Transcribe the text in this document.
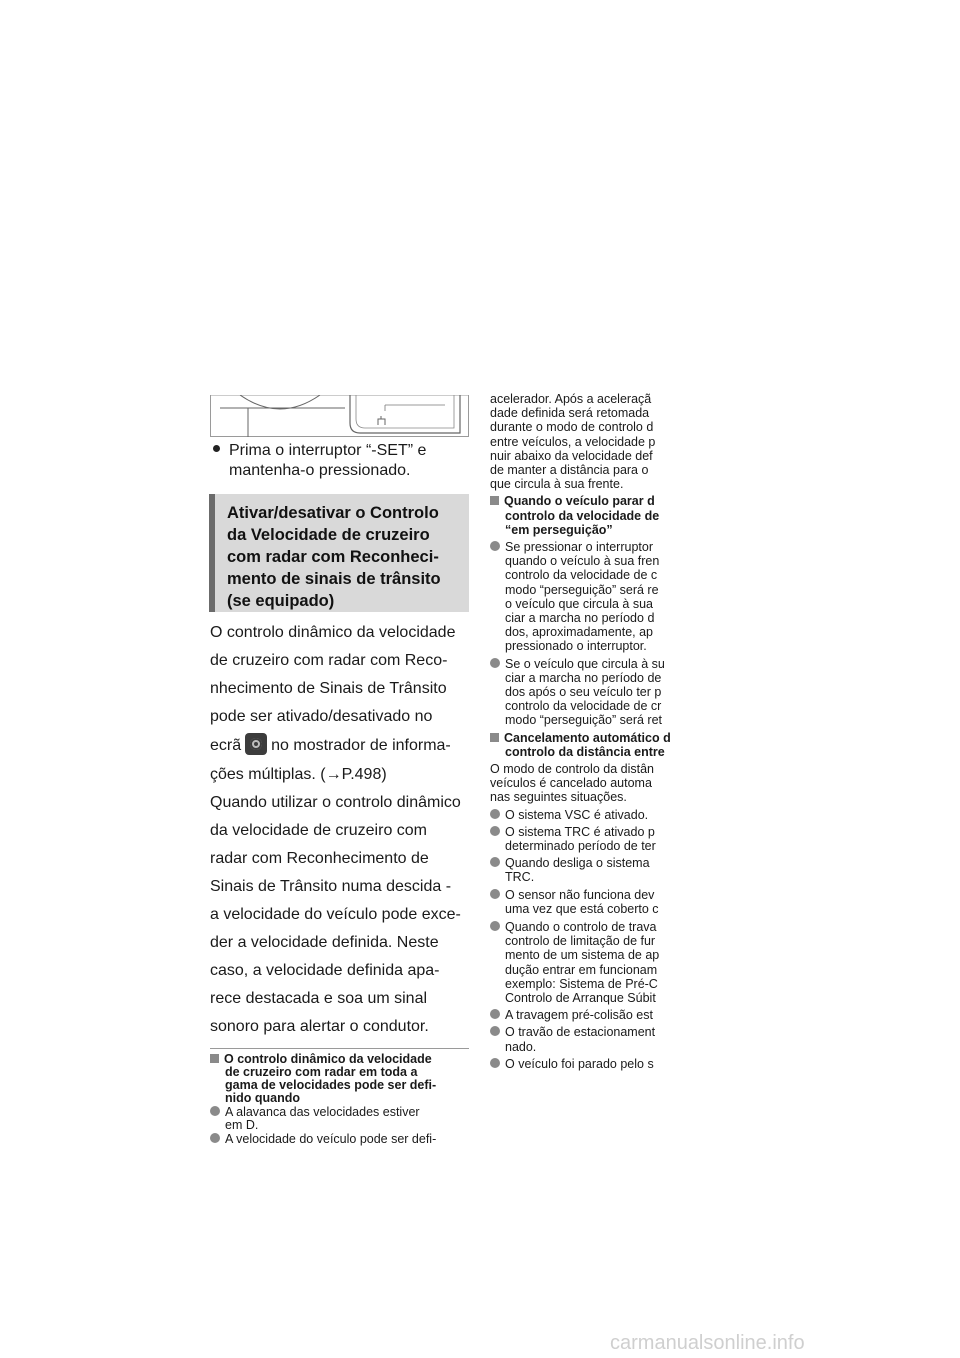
Prima o interruptor “-SET” e
mantenha-o pressionado.
Ativar/desativar o Controlo
da Velocidade de cruzeiro
com radar com Reconheci-
mento de sinais de trânsito
(se equipado)
O controlo dinâmico da velocidade
de cruzeiro com radar com Reco-
nhecimento de Sinais de Trânsito
pode ser ativado/desativado no
ecrã no mostrador de informa-
ções múltiplas. (→P.498)
Quando utilizar o controlo dinâmico
da velocidade de cruzeiro com
radar com Reconhecimento de
Sinais de Trânsito numa descida -
a velocidade do veículo pode exce-
der a velocidade definida. Neste
caso, a velocidade definida apa-
O controlo dinâmico da velocidade
de cruzeiro com radar em toda a
gama de velocidades pode ser defi-
nido quando
A alavanca das velocidades estiver
em D.
A velocidade do veículo pode ser defi-
acelerador. Após a aceleraçã
dade definida será retomada
durante o modo de controlo d
entre veículos, a velocidade p
nuir abaixo da velocidade def
de manter a distância para o
que circula à sua frente.
Quando o veículo parar d
controlo da velocidade de
“em perseguição”
Se pressionar o interruptor
quando o veículo à sua fren
controlo da velocidade de c
modo “perseguição” será re
o veículo que circula à sua
ciar a marcha no período d
dos, aproximadamente, ap
pressionado o interruptor.
Se o veículo que circula à su
ciar a marcha no período de
dos após o seu veículo ter p
controlo da velocidade de cr
modo “perseguição” será ret
Cancelamento automático d
controlo da distância entre
O modo de controlo da distân
veículos é cancelado automa
nas seguintes situações.
O sistema VSC é ativado.
O sistema TRC é ativado p
determinado período de ter
Quando desliga o sistema
TRC.
O sensor não funciona dev
uma vez que está coberto c
Quando o controlo de trava
controlo de limitação de fur
mento de um sistema de ap
dução entrar em funcionam
exemplo: Sistema de Pré-C
Controlo de Arranque Súbit
A travagem pré-colisão est
O travão de estacionament
nado.
O veículo foi parado pelo s
carmanualsonline.info
rece destacada e soa um sinal
sonoro para alertar o condutor.
